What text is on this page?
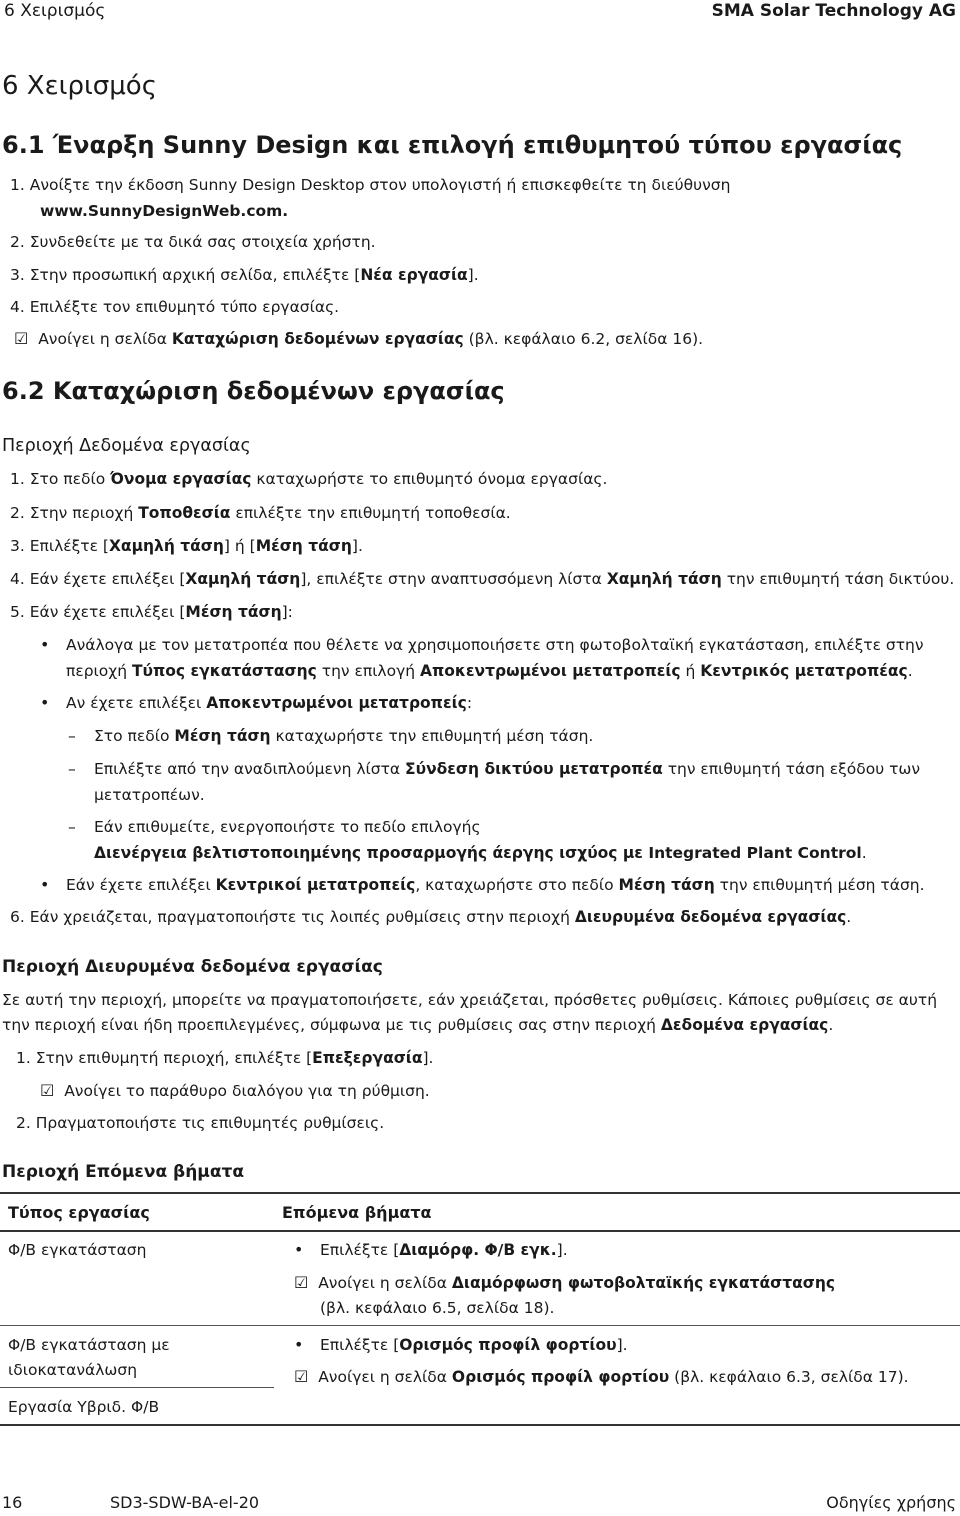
6 Χειρισμός	SMA Solar Technology AG
6 Χειρισμός
6.1 Έναρξη Sunny Design και επιλογή επιθυμητού τύπου εργασίας
1. Ανοίξτε την έκδοση Sunny Design Desktop στον υπολογιστή ή επισκεφθείτε τη διεύθυνση
www.SunnyDesignWeb.com.
2. Συνδεθείτε με τα δικά σας στοιχεία χρήστη.
3. Στην προσωπική αρχική σελίδα, επιλέξτε [Νέα εργασία].
4. Επιλέξτε τον επιθυμητό τύπο εργασίας.
☑ Ανοίγει η σελίδα Καταχώριση δεδομένων εργασίας (βλ. κεφάλαιο 6.2, σελίδα 16).
6.2 Καταχώριση δεδομένων εργασίας
Περιοχή Δεδομένα εργασίας
1. Στο πεδίο Όνομα εργασίας καταχωρήστε το επιθυμητό όνομα εργασίας.
2. Στην περιοχή Τοποθεσία επιλέξτε την επιθυμητή τοποθεσία.
3. Επιλέξτε [Χαμηλή τάση] ή [Μέση τάση].
4. Εάν έχετε επιλέξει [Χαμηλή τάση], επιλέξτε στην αναπτυσσόμενη λίστα Χαμηλή τάση την επιθυμητή τάση δικτύου.
5. Εάν έχετε επιλέξει [Μέση τάση]:
• Ανάλογα με τον μετατροπέα που θέλετε να χρησιμοποιήσετε στη φωτοβολταϊκή εγκατάσταση, επιλέξτε στην
περιοχή Τύπος εγκατάστασης την επιλογή Αποκεντρωμένοι μετατροπείς ή Κεντρικός μετατροπέας.
• Αν έχετε επιλέξει Αποκεντρωμένοι μετατροπείς:
– Στο πεδίο Μέση τάση καταχωρήστε την επιθυμητή μέση τάση.
– Επιλέξτε από την αναδιπλούμενη λίστα Σύνδεση δικτύου μετατροπέα την επιθυμητή τάση εξόδου των
μετατροπέων.
– Εάν επιθυμείτε, ενεργοποιήστε το πεδίο επιλογής
Διενέργεια βελτιστοποιημένης προσαρμογής άεργης ισχύος με Integrated Plant Control.
• Εάν έχετε επιλέξει Κεντρικοί μετατροπείς, καταχωρήστε στο πεδίο Μέση τάση την επιθυμητή μέση τάση.
6. Εάν χρειάζεται, πραγματοποιήστε τις λοιπές ρυθμίσεις στην περιοχή Διευρυμένα δεδομένα εργασίας.
Περιοχή Διευρυμένα δεδομένα εργασίας
Σε αυτή την περιοχή, μπορείτε να πραγματοποιήσετε, εάν χρειάζεται, πρόσθετες ρυθμίσεις. Κάποιες ρυθμίσεις σε αυτή
την περιοχή είναι ήδη προεπιλεγμένες, σύμφωνα με τις ρυθμίσεις σας στην περιοχή Δεδομένα εργασίας.
1. Στην επιθυμητή περιοχή, επιλέξτε [Επεξεργασία].
☑ Ανοίγει το παράθυρο διαλόγου για τη ρύθμιση.
2. Πραγματοποιήστε τις επιθυμητές ρυθμίσεις.
Περιοχή Επόμενα βήματα
Τύπος εργασίας	Επόμενα βήματα
Φ/Β εγκατάσταση
•	Επιλέξτε [Διαμόρφ. Φ/Β εγκ.].
☑ Ανοίγει η σελίδα Διαμόρφωση φωτοβολταϊκής εγκατάστασης
(βλ. κεφάλαιο 6.5, σελίδα 18).
Φ/Β εγκατάσταση με
ιδιοκατανάλωση
Εργασία Υβριδ. Φ/Β
• Επιλέξτε [Ορισμός προφίλ φορτίου].
☑ Ανοίγει η σελίδα Ορισμός προφίλ φορτίου (βλ. κεφάλαιο 6.3, σελίδα 17).
16	SD3-SDW-BA-el-20	Οδηγίες χρήσης
